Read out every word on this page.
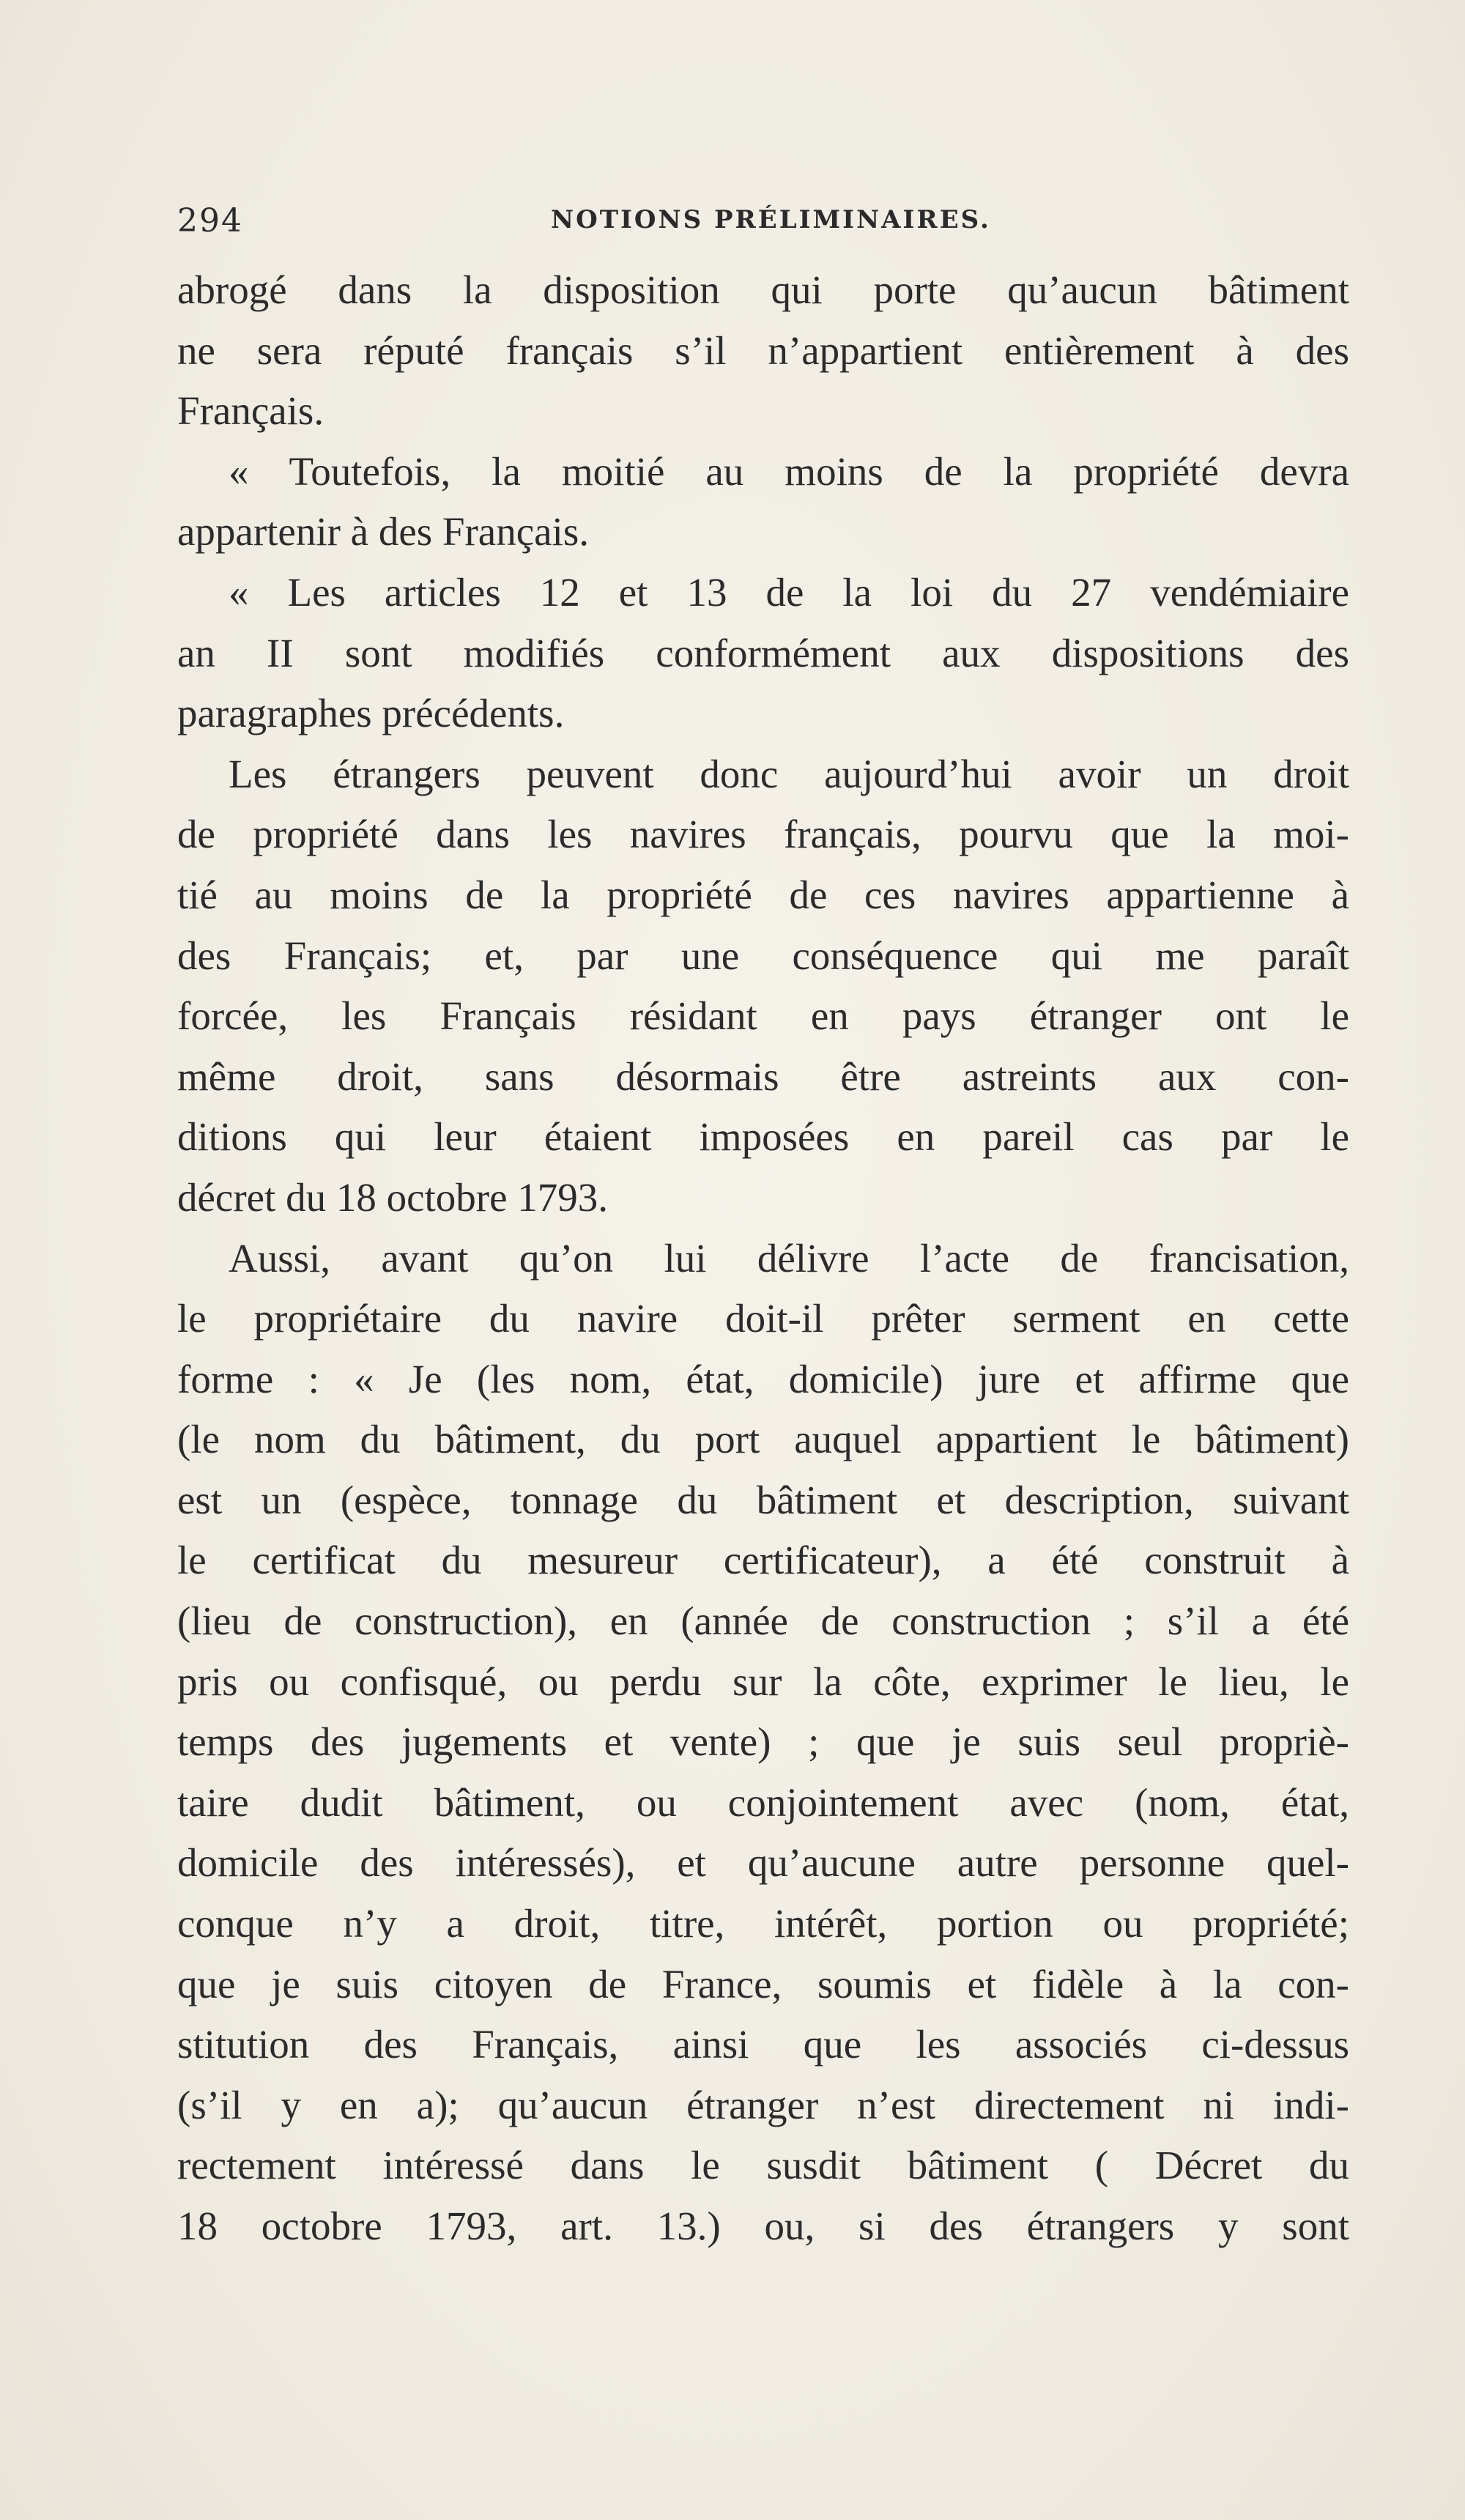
294	NOTIONS PRÉLIMINAIRES.

abrogé dans la disposition qui porte qu’aucun bâtiment
ne sera réputé français s’il n’appartient entièrement à des
Français.

« Toutefois, la moitié au moins de la propriété devra
appartenir à des Français.

« Les articles 12 et 13 de la loi du 27 vendémiaire
an II sont modifiés conformément aux dispositions des
paragraphes précédents.

Les étrangers peuvent donc aujourd’hui avoir un droit
de propriété dans les navires français, pourvu que la moi-
tié au moins de la propriété de ces navires appartienne à
des Français; et, par une conséquence qui me paraît
forcée, les Français résidant en pays étranger ont le
même droit, sans désormais être astreints aux con-
ditions qui leur étaient imposées en pareil cas par le
décret du 18 octobre 1793.

Aussi, avant qu’on lui délivre l’acte de francisation,
le propriétaire du navire doit-il prêter serment en cette
forme : « Je (les nom, état, domicile) jure et affirme que
(le nom du bâtiment, du port auquel appartient le bâtiment)
est un (espèce, tonnage du bâtiment et description, suivant
le certificat du mesureur certificateur), a été construit à
(lieu de construction), en (année de construction ; s’il a été
pris ou confisqué, ou perdu sur la côte, exprimer le lieu, le
temps des jugements et vente) ; que je suis seul propriè-
taire dudit bâtiment, ou conjointement avec (nom, état,
domicile des intéressés), et qu’aucune autre personne quel-
conque n’y a droit, titre, intérêt, portion ou propriété;
que je suis citoyen de France, soumis et fidèle à la con-
stitution des Français, ainsi que les associés ci-dessus
(s’il y en a); qu’aucun étranger n’est directement ni indi-
rectement intéressé dans le susdit bâtiment ( Décret du
18 octobre 1793, art. 13.) ou, si des étrangers y sont
